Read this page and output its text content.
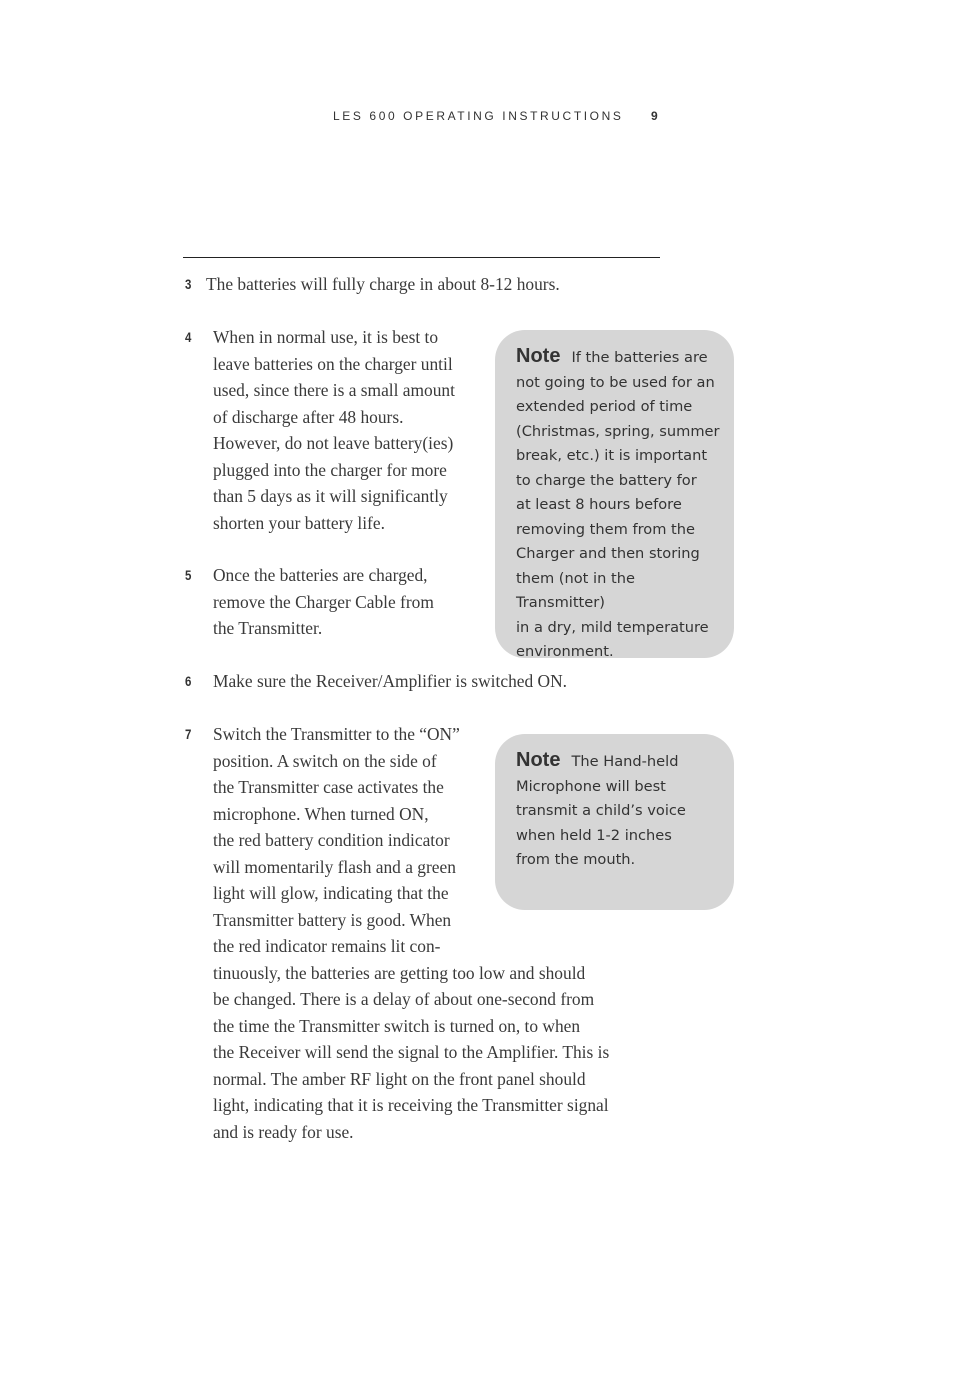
LES 600 OPERATING INSTRUCTIONS 9
3 The batteries will fully charge in about 8-12 hours.

4 When in normal use, it is best to
leave batteries on the charger until
used, since there is a small amount
of discharge after 48 hours.
However, do not leave battery(ies)
plugged into the charger for more
than 5 days as it will significantly
shorten your battery life.
5 Once the batteries are charged,
remove the Charger Cable from
the Transmitter.
Note If the batteries are
not going to be used for an
extended period of time
(Christmas, spring, summer
break, etc.) it is important
to charge the battery for
at least 8 hours before
removing them from the
Charger and then storing
them (not in the Transmitter)
in a dry, mild temperature
environment.
6 Make sure the Receiver/Amplifier is switched ON.

7 Switch the Transmitter to the “ON”
position. A switch on the side of
the Transmitter case activates the
microphone. When turned ON,
the red battery condition indicator
will momentarily flash and a green
light will glow, indicating that the
Transmitter battery is good. When
the red indicator remains lit con-
tinuously, the batteries are getting too low and should
be changed. There is a delay of about one-second from
the time the Transmitter switch is turned on, to when
the Receiver will send the signal to the Amplifier. This is
normal. The amber RF light on the front panel should
light, indicating that it is receiving the Transmitter signal
and is ready for use.
Note The Hand-held
Microphone will best
transmit a child’s voice
when held 1-2 inches
from the mouth.
